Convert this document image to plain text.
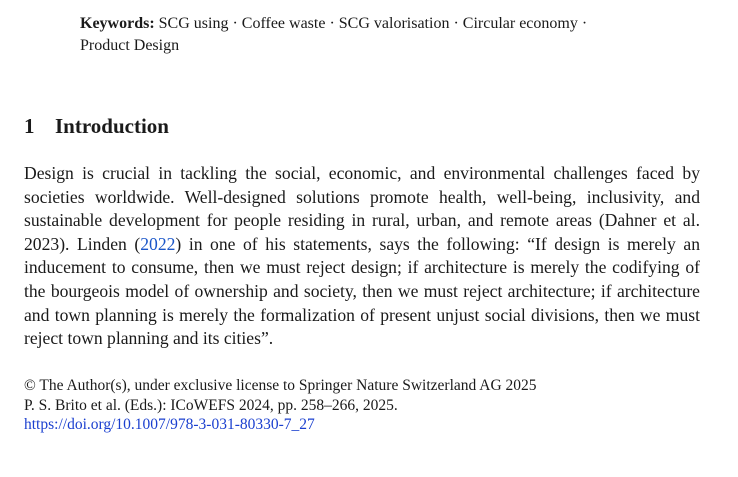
Keywords: SCG using · Coffee waste · SCG valorisation · Circular economy ·
Product Design
1 Introduction

Design is crucial in tackling the social, economic, and environmental challenges faced by societies worldwide. Well-designed solutions promote health, well-being, inclusivity, and sustainable development for people residing in rural, urban, and remote areas (Dahner et al. 2023). Linden (2022) in one of his statements, says the following: “If design is merely an inducement to consume, then we must reject design; if architecture is merely the codifying of the bourgeois model of ownership and society, then we must reject architecture; if architecture and town planning is merely the formalization of present unjust social divisions, then we must reject town planning and its cities”.

© The Author(s), under exclusive license to Springer Nature Switzerland AG 2025
P. S. Brito et al. (Eds.): ICoWEFS 2024, pp. 258–266, 2025.
https://doi.org/10.1007/978-3-031-80330-7_27
